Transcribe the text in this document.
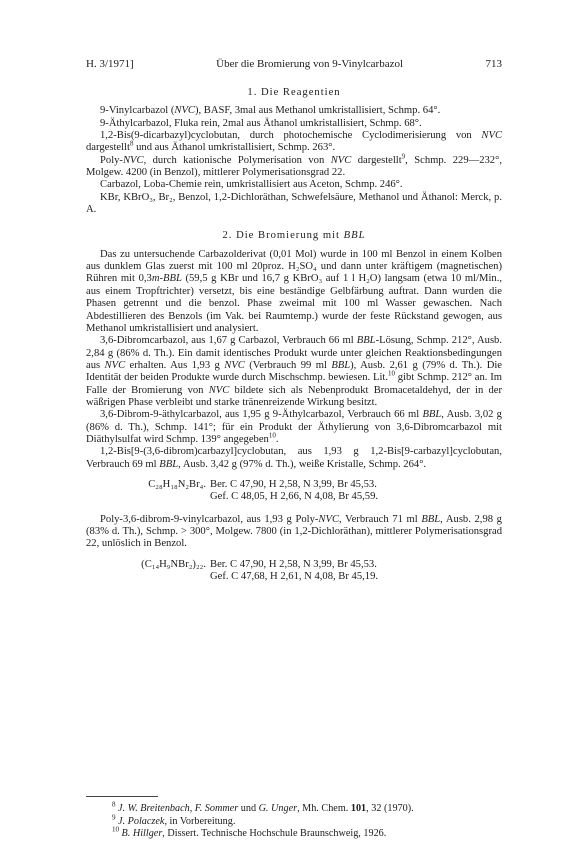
H. 3/1971]	Über die Bromierung von 9-Vinylcarbazol	713
1. Die Reagentien

9-Vinylcarbazol (NVC), BASF, 3mal aus Methanol umkristallisiert, Schmp. 64°.

9-Äthylcarbazol, Fluka rein, 2mal aus Äthanol umkristallisiert, Schmp. 68°.

1,2-Bis(9-dicarbazyl)cyclobutan, durch photochemische Cyclodimerisierung von NVC dargestellt$^8$ und aus Äthanol umkristallisiert, Schmp. 263°.

Poly-NVC, durch kationische Polymerisation von NVC dargestellt$^9$, Schmp. 229—232°, Molgew. 4200 (in Benzol), mittlerer Polymerisationsgrad 22.

Carbazol, Loba-Chemie rein, umkristallisiert aus Aceton, Schmp. 246°.

KBr, KBrO₃, Br₂, Benzol, 1,2-Dichloräthan, Schwefelsäure, Methanol und Äthanol: Merck, p. A.

2. Die Bromierung mit BBL

Das zu untersuchende Carbazolderivat (0,01 Mol) wurde in 100 ml Benzol in einem Kolben aus dunklem Glas zuerst mit 100 ml 20proz. H₂SO₄ und dann unter kräftigem (magnetischen) Rühren mit 0,3m-BBL (59,5 g KBr und 16,7 g KBrO₃ auf 1 l H₂O) langsam (etwa 10 ml/Min., aus einem Tropftrichter) versetzt, bis eine beständige Gelbfärbung auftrat. Dann wurden die Phasen getrennt und die benzol. Phase zweimal mit 100 ml Wasser gewaschen. Nach Abdestillieren des Benzols (im Vak. bei Raumtemp.) wurde der feste Rückstand gewogen, aus Methanol umkristallisiert und analysiert.

3,6-Dibromcarbazol, aus 1,67 g Carbazol, Verbrauch 66 ml BBL-Lösung, Schmp. 212°, Ausb. 2,84 g (86% d. Th.). Ein damit identisches Produkt wurde unter gleichen Reaktionsbedingungen aus NVC erhalten. Aus 1,93 g NVC (Verbrauch 99 ml BBL), Ausb. 2,61 g (79% d. Th.). Die Identität der beiden Produkte wurde durch Mischschmp. bewiesen. Lit.$^{10}$ gibt Schmp. 212° an. Im Falle der Bromierung von NVC bildete sich als Nebenprodukt Bromacetaldehyd, der in der wäßrigen Phase verbleibt und starke tränenreizende Wirkung besitzt.

3,6-Dibrom-9-äthylcarbazol, aus 1,95 g 9-Äthylcarbazol, Verbrauch 66 ml BBL, Ausb. 3,02 g (86% d. Th.), Schmp. 141°; für ein Produkt der Äthylierung von 3,6-Dibromcarbazol mit Diäthylsulfat wird Schmp. 139° angegeben$^{10}$.

1,2-Bis[9-(3,6-dibrom)carbazyl]cyclobutan, aus 1,93 g 1,2-Bis[9-carbazyl]cyclobutan, Verbrauch 69 ml BBL, Ausb. 3,42 g (97% d. Th.), weiße Kristalle, Schmp. 264°.

C₂₈H₁₈N₂Br₄. Ber. C 47,90, H 2,58, N 3,99, Br 45,53.
Gef. C 48,05, H 2,66, N 4,08, Br 45,59.

Poly-3,6-dibrom-9-vinylcarbazol, aus 1,93 g Poly-NVC, Verbrauch 71 ml BBL, Ausb. 2,98 g (83% d. Th.), Schmp. > 300°, Molgew. 7800 (in 1,2-Dichloräthan), mittlerer Polymerisationsgrad 22, unlöslich in Benzol.

(C₁₄H₉NBr₂)₂₂. Ber. C 47,90, H 2,58, N 3,99, Br 45,53.
Gef. C 47,68, H 2,61, N 4,08, Br 45,19.

$^8$ J. W. Breitenbach, F. Sommer und G. Unger, Mh. Chem. 101, 32 (1970).

$^9$ J. Polaczek, in Vorbereitung.

$^{10}$ B. Hillger, Dissert. Technische Hochschule Braunschweig, 1926.
